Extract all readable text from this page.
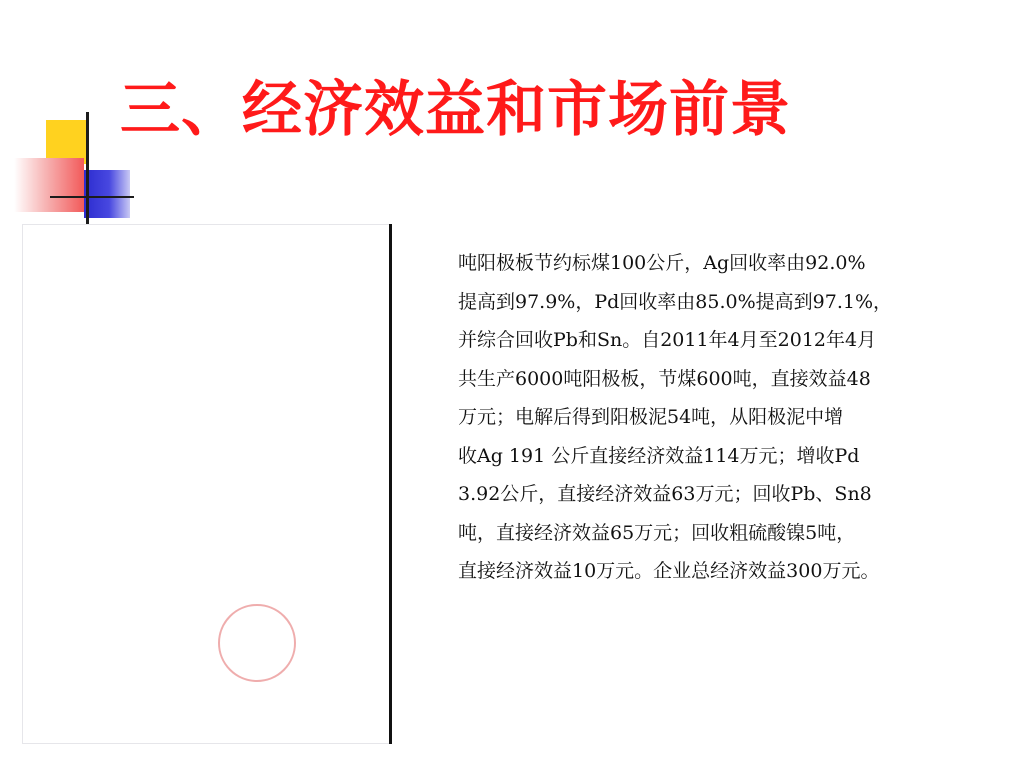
三、经济效益和市场前景

吨阳极板节约标煤100公斤，Ag回收率由92.0%
提高到97.9%，Pd回收率由85.0%提高到97.1%，
并综合回收Pb和Sn。自2011年4月至2012年4月
共生产6000吨阳极板，节煤600吨，直接效益48
万元；电解后得到阳极泥54吨，从阳极泥中增
收Ag 191 公斤直接经济效益114万元；增收Pd
3.92公斤，直接经济效益63万元；回收Pb、Sn8
吨，直接经济效益65万元；回收粗硫酸镍5吨，
直接经济效益10万元。企业总经济效益300万元。
